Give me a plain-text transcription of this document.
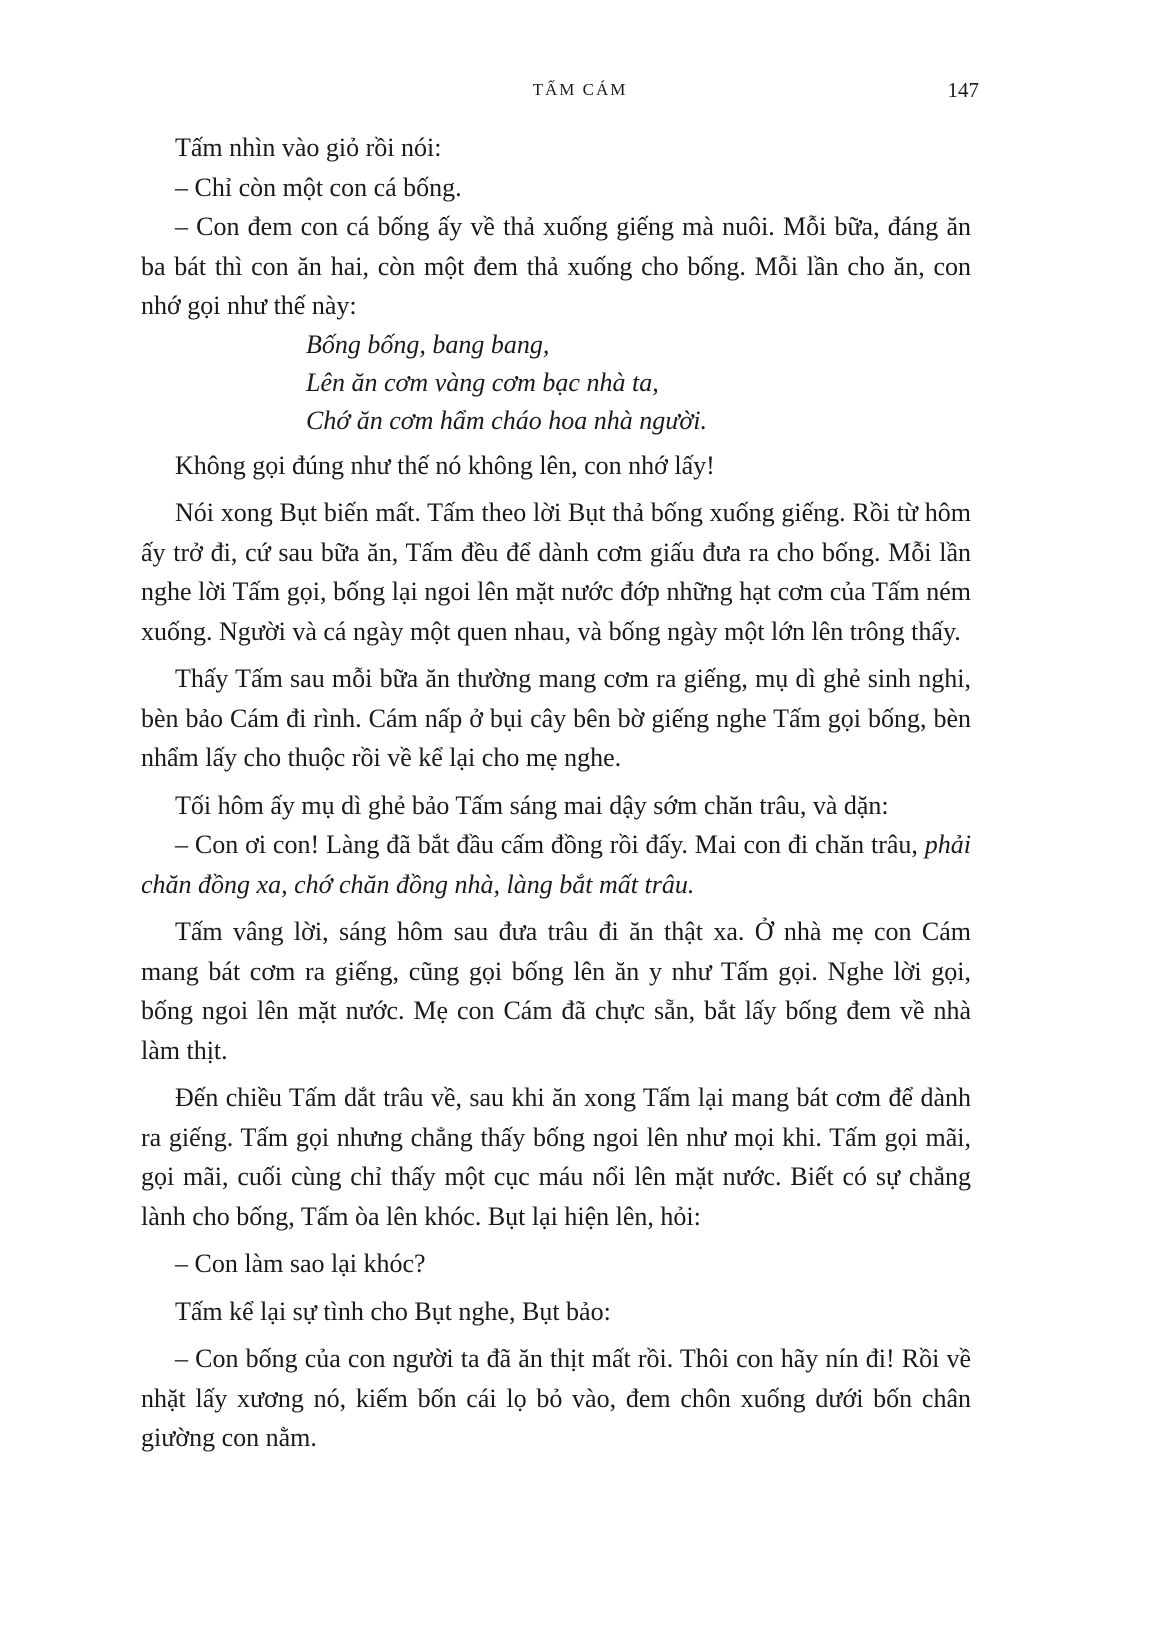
TẤM CÁM	147

Tấm nhìn vào giỏ rồi nói:

– Chỉ còn một con cá bống.

– Con đem con cá bống ấy về thả xuống giếng mà nuôi. Mỗi bữa, đáng ăn ba bát thì con ăn hai, còn một đem thả xuống cho bống. Mỗi lần cho ăn, con nhớ gọi như thế này:

Bống bống, bang bang,
Lên ăn cơm vàng cơm bạc nhà ta,
Chớ ăn cơm hẩm cháo hoa nhà người.

Không gọi đúng như thế nó không lên, con nhớ lấy!

Nói xong Bụt biến mất. Tấm theo lời Bụt thả bống xuống giếng. Rồi từ hôm ấy trở đi, cứ sau bữa ăn, Tấm đều để dành cơm giấu đưa ra cho bống. Mỗi lần nghe lời Tấm gọi, bống lại ngoi lên mặt nước đớp những hạt cơm của Tấm ném xuống. Người và cá ngày một quen nhau, và bống ngày một lớn lên trông thấy.

Thấy Tấm sau mỗi bữa ăn thường mang cơm ra giếng, mụ dì ghẻ sinh nghi, bèn bảo Cám đi rình. Cám nấp ở bụi cây bên bờ giếng nghe Tấm gọi bống, bèn nhẩm lấy cho thuộc rồi về kể lại cho mẹ nghe.

Tối hôm ấy mụ dì ghẻ bảo Tấm sáng mai dậy sớm chăn trâu, và dặn:

– Con ơi con! Làng đã bắt đầu cấm đồng rồi đấy. Mai con đi chăn trâu, phải chăn đồng xa, chớ chăn đồng nhà, làng bắt mất trâu.

Tấm vâng lời, sáng hôm sau đưa trâu đi ăn thật xa. Ở nhà mẹ con Cám mang bát cơm ra giếng, cũng gọi bống lên ăn y như Tấm gọi. Nghe lời gọi, bống ngoi lên mặt nước. Mẹ con Cám đã chực sẵn, bắt lấy bống đem về nhà làm thịt.

Đến chiều Tấm dắt trâu về, sau khi ăn xong Tấm lại mang bát cơm để dành ra giếng. Tấm gọi nhưng chẳng thấy bống ngoi lên như mọi khi. Tấm gọi mãi, gọi mãi, cuối cùng chỉ thấy một cục máu nổi lên mặt nước. Biết có sự chẳng lành cho bống, Tấm òa lên khóc. Bụt lại hiện lên, hỏi:

– Con làm sao lại khóc?

Tấm kể lại sự tình cho Bụt nghe, Bụt bảo:

– Con bống của con người ta đã ăn thịt mất rồi. Thôi con hãy nín đi! Rồi về nhặt lấy xương nó, kiếm bốn cái lọ bỏ vào, đem chôn xuống dưới bốn chân giường con nằm.
